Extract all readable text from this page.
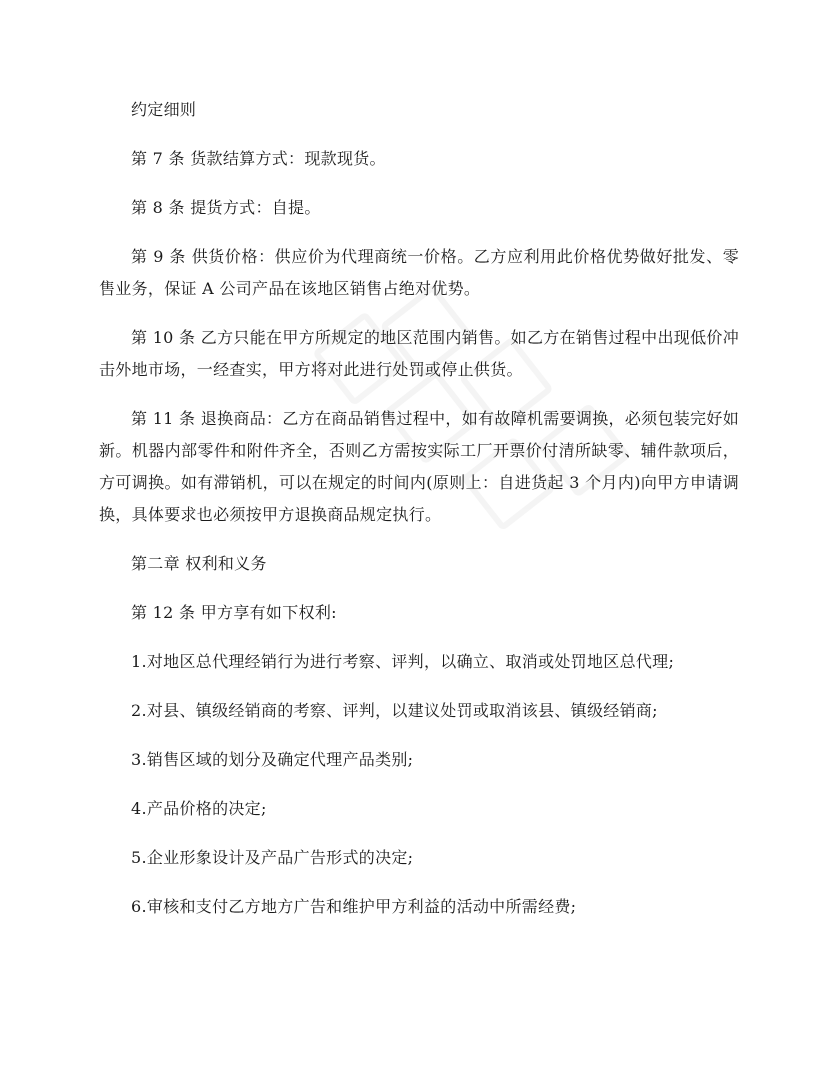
约定细则

第 7 条 货款结算方式：现款现货。

第 8 条 提货方式：自提。

第 9 条 供货价格：供应价为代理商统一价格。乙方应利用此价格优势做好批发、零售业务，保证 A 公司产品在该地区销售占绝对优势。

第 10 条 乙方只能在甲方所规定的地区范围内销售。如乙方在销售过程中出现低价冲击外地市场，一经查实，甲方将对此进行处罚或停止供货。

第 11 条 退换商品：乙方在商品销售过程中，如有故障机需要调换，必须包装完好如新。机器内部零件和附件齐全，否则乙方需按实际工厂开票价付清所缺零、辅件款项后，方可调换。如有滞销机，可以在规定的时间内(原则上：自进货起 3 个月内)向甲方申请调换，具体要求也必须按甲方退换商品规定执行。

第二章 权利和义务

第 12 条 甲方享有如下权利:

1.对地区总代理经销行为进行考察、评判，以确立、取消或处罚地区总代理;

2.对县、镇级经销商的考察、评判，以建议处罚或取消该县、镇级经销商;

3.销售区域的划分及确定代理产品类别;

4.产品价格的决定;

5.企业形象设计及产品广告形式的决定;

6.审核和支付乙方地方广告和维护甲方利益的活动中所需经费;
